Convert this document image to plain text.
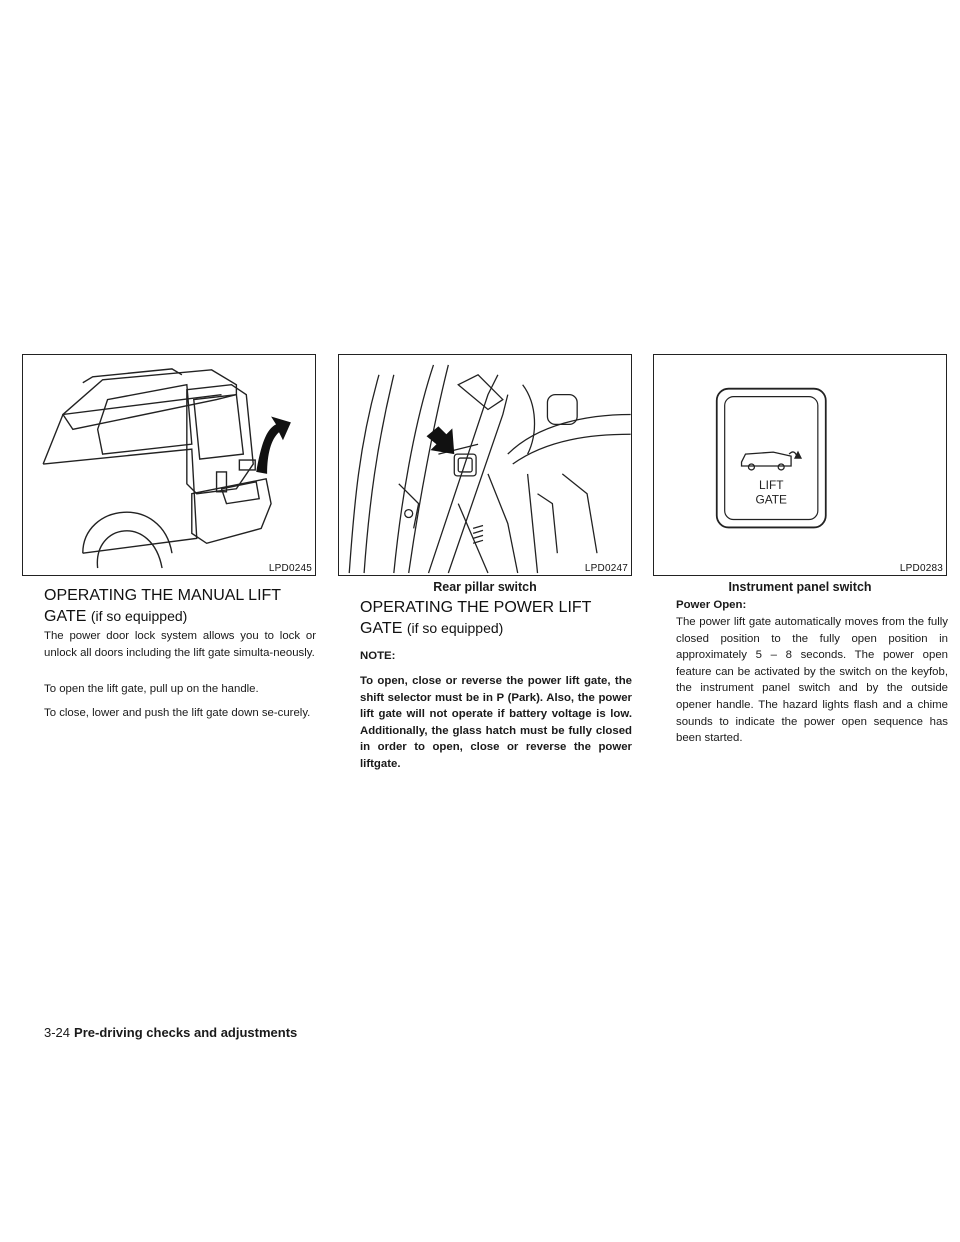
LPD0245	LPD0247
LIFT
GATE
LPD0283
Rear pillar switch	Instrument panel switch
OPERATING THE MANUAL LIFT GATE (if so equipped)

The power door lock system allows you to lock or unlock all doors including the lift gate simulta-neously.

To open the lift gate, pull up on the handle.

To close, lower and push the lift gate down se-curely.

OPERATING THE POWER LIFT GATE (if so equipped)

NOTE:

To open, close or reverse the power lift gate, the shift selector must be in P (Park). Also, the power lift gate will not operate if battery voltage is low. Additionally, the glass hatch must be fully closed in order to open, close or reverse the power liftgate.

Power Open:

The power lift gate automatically moves from the fully closed position to the fully open position in approximately 5 – 8 seconds. The power open feature can be activated by the switch on the keyfob, the instrument panel switch and by the outside opener handle. The hazard lights flash and a chime sounds to indicate the power open sequence has been started.

3-24 Pre-driving checks and adjustments
